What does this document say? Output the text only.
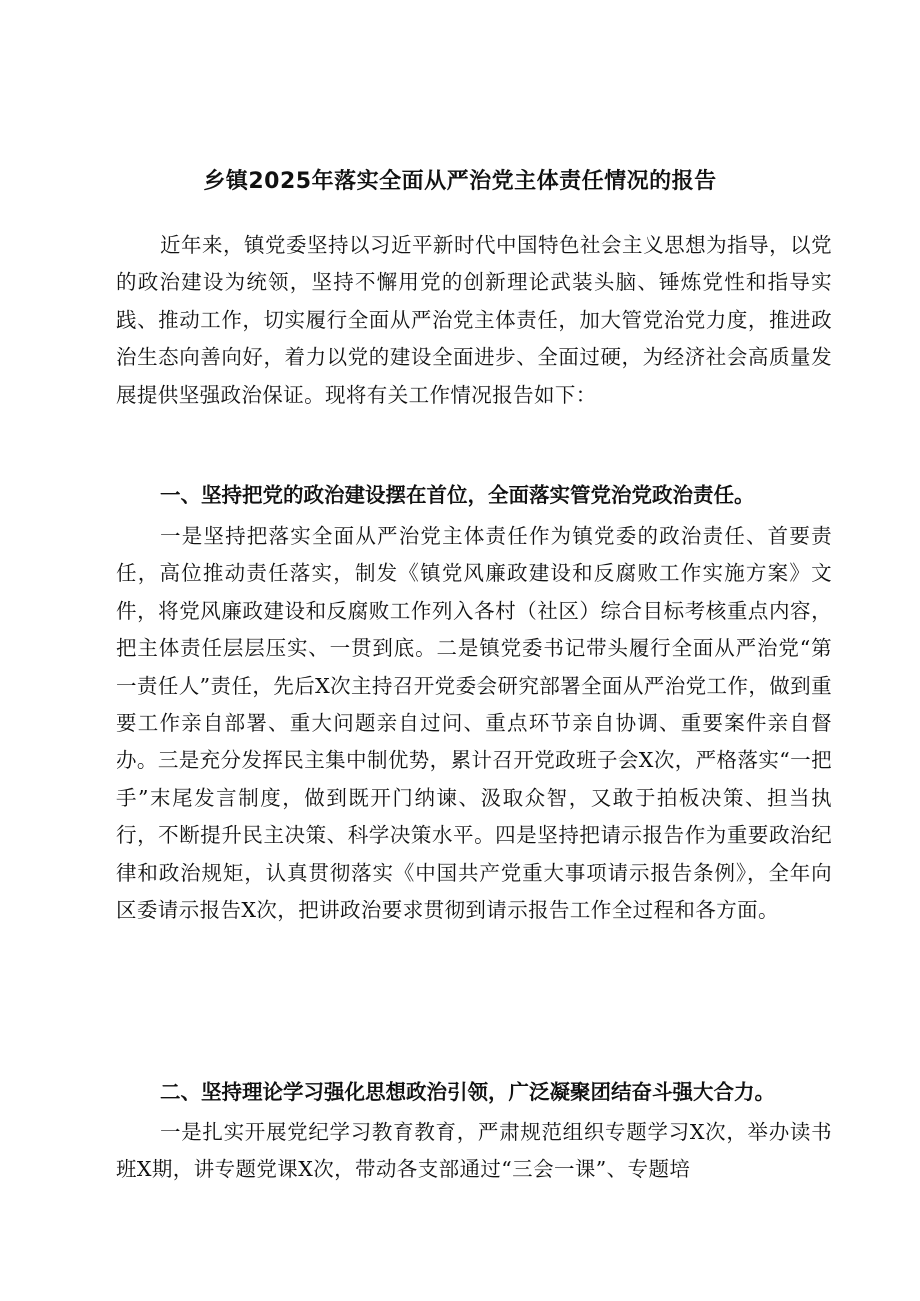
乡镇2025年落实全面从严治党主体责任情况的报告

近年来，镇党委坚持以习近平新时代中国特色社会主义思想为指导，以党的政治建设为统领，坚持不懈用党的创新理论武装头脑、锤炼党性和指导实践、推动工作，切实履行全面从严治党主体责任，加大管党治党力度，推进政治生态向善向好，着力以党的建设全面进步、全面过硬，为经济社会高质量发展提供坚强政治保证。现将有关工作情况报告如下：

一、坚持把党的政治建设摆在首位，全面落实管党治党政治责任。

一是坚持把落实全面从严治党主体责任作为镇党委的政治责任、首要责任，高位推动责任落实，制发《镇党风廉政建设和反腐败工作实施方案》文件，将党风廉政建设和反腐败工作列入各村（社区）综合目标考核重点内容，把主体责任层层压实、一贯到底。二是镇党委书记带头履行全面从严治党“第一责任人”责任，先后X次主持召开党委会研究部署全面从严治党工作，做到重要工作亲自部署、重大问题亲自过问、重点环节亲自协调、重要案件亲自督办。三是充分发挥民主集中制优势，累计召开党政班子会X次，严格落实“一把手”末尾发言制度，做到既开门纳谏、汲取众智，又敢于拍板决策、担当执行，不断提升民主决策、科学决策水平。四是坚持把请示报告作为重要政治纪律和政治规矩，认真贯彻落实《中国共产党重大事项请示报告条例》，全年向区委请示报告X次，把讲政治要求贯彻到请示报告工作全过程和各方面。

二、坚持理论学习强化思想政治引领，广泛凝聚团结奋斗强大合力。

一是扎实开展党纪学习教育教育，严肃规范组织专题学习X次，举办读书班X期，讲专题党课X次，带动各支部通过“三会一课”、专题培
